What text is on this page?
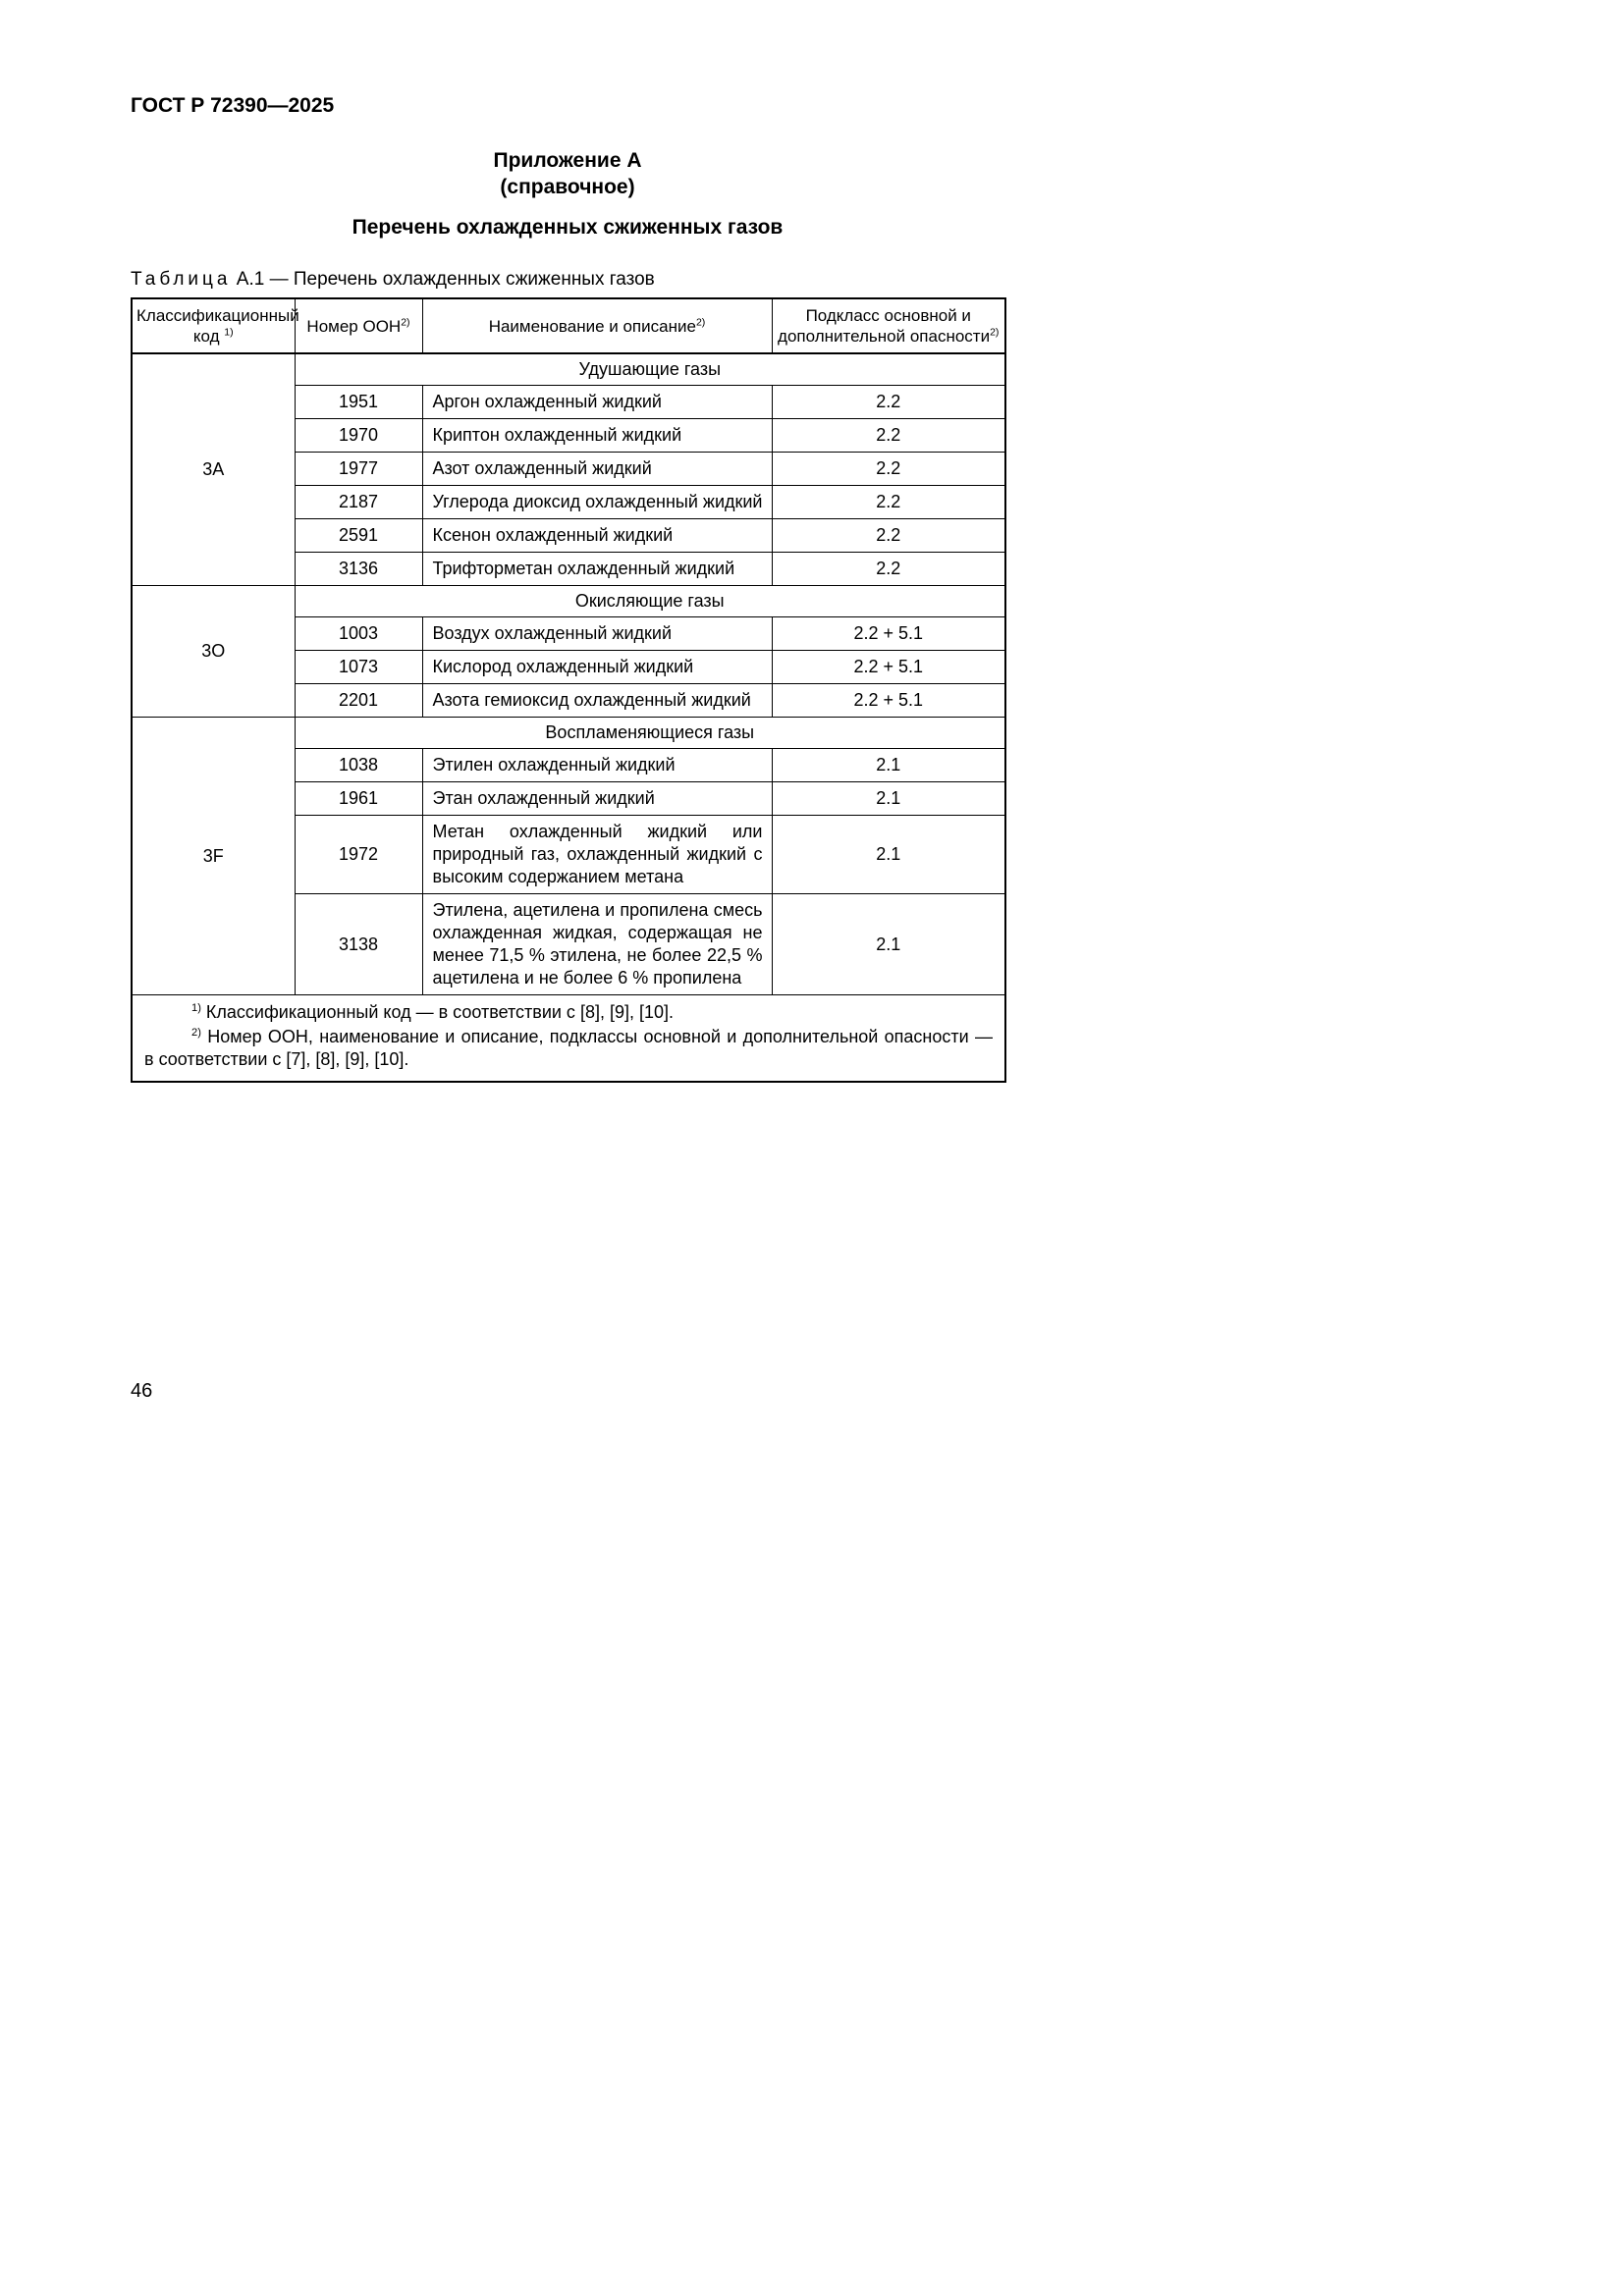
ГОСТ Р 72390—2025
Приложение А
(справочное)
Перечень охлажденных сжиженных газов
Таблица А.1 — Перечень охлажденных сжиженных газов
Классификационный
код $^{1)}$	Номер ООН$^{2)}$	Наименование и описание$^{2)}$	Подкласс основной и
дополнительной опасности$^{2)}$
3А	Удушающие газы		
	1951	Аргон охлажденный жидкий	2.2
	1970	Криптон охлажденный жидкий	2.2
	1977	Азот охлажденный жидкий	2.2
	2187	Углерода диоксид охлажденный жидкий	2.2
	2591	Ксенон охлажденный жидкий	2.2
	3136	Трифторметан охлажденный жидкий	2.2
3О	Окисляющие газы		
	1003	Воздух охлажденный жидкий	2.2 + 5.1
	1073	Кислород охлажденный жидкий	2.2 + 5.1
	2201	Азота гемиоксид охлажденный жидкий	2.2 + 5.1
3F	Воспламеняющиеся газы		
	1038	Этилен охлажденный жидкий	2.1
	1961	Этан охлажденный жидкий	2.1
	1972	Метан охлажденный жидкий или природный газ, охлажденный жидкий с высоким содержанием метана	2.1
	3138	Этилена, ацетилена и пропилена смесь охлажденная жидкая, содержащая не менее 71,5 % этилена, не более 22,5 % ацетилена и не более 6 % пропилена	2.1

$^{1)}$ Классификационный код — в соответствии с [8], [9], [10].

$^{2)}$ Номер ООН, наименование и описание, подклассы основной и дополнительной опасности — в соответствии с [7], [8], [9], [10].			

46
